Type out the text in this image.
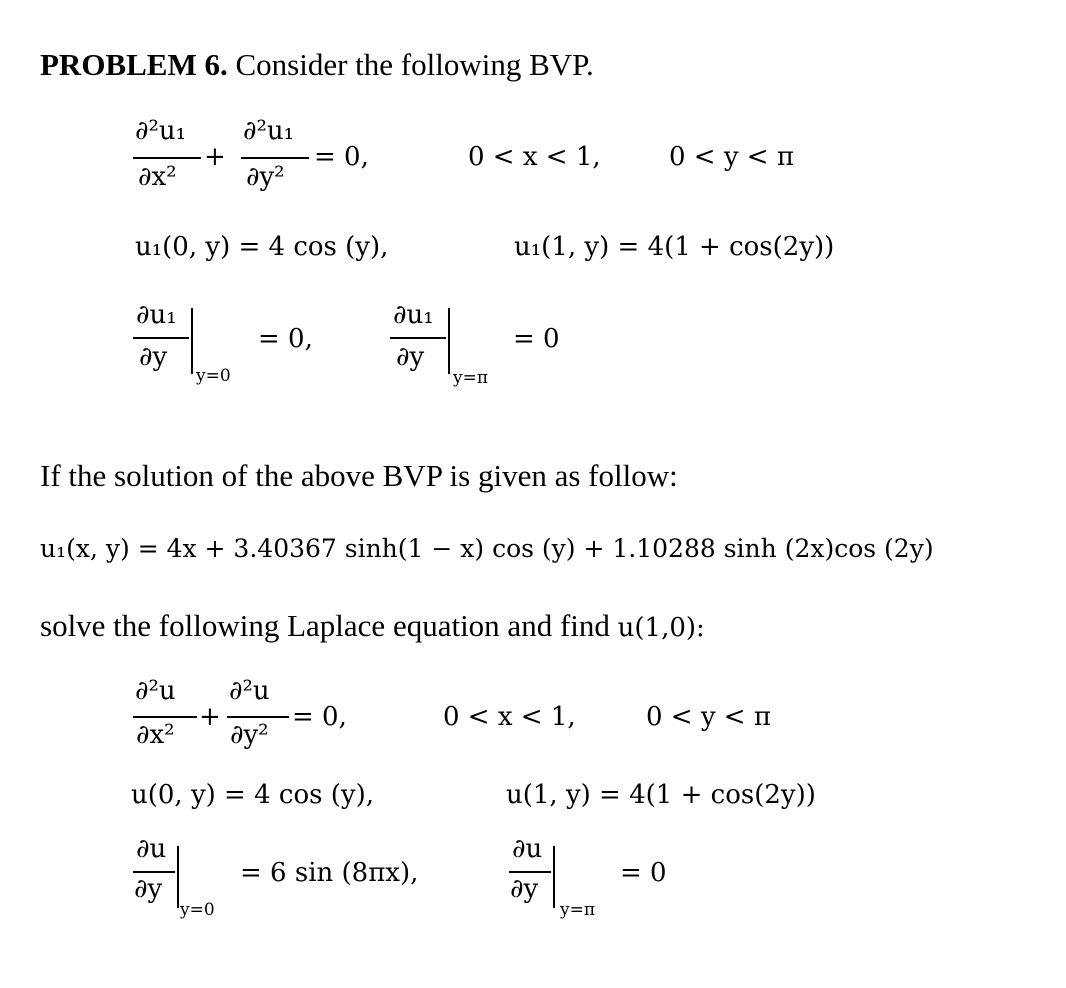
PROBLEM 6. Consider the following BVP.
∂²u₁
∂x²
+
∂²u₁
∂y²
= 0,	0 < x < 1,	0 < y < π
u₁(0, y) = 4 cos (y),	u₁(1, y) = 4(1 + cos(2y))
∂u₁
∂y
y=0
= 0,
∂u₁
∂y
y=π
= 0
If the solution of the above BVP is given as follow:
u₁(x, y) = 4x + 3.40367 sinh(1 − x) cos (y) + 1.10288 sinh (2x)cos (2y)
solve the following Laplace equation and find u(1,0):
∂²u
∂x²
+
∂²u
∂y²
= 0,	0 < x < 1,	0 < y < π
u(0, y) = 4 cos (y),	u(1, y) = 4(1 + cos(2y))
∂u
∂y
y=0
= 6 sin (8πx),
∂u
∂y
y=π
= 0
